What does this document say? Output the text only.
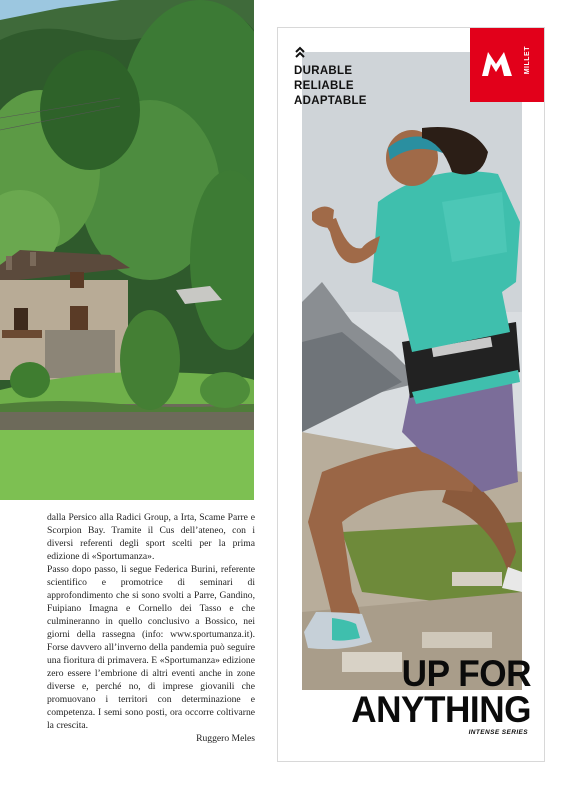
dalla Persico alla Radici Group, a Irta, Scame Parre e Scorpion Bay. Tramite il Cus dell’ateneo, con i diversi referenti degli sport scelti per la prima edizione di «Sportumanza».

Passo dopo passo, li segue Federica Burini, referente scientifico e promotrice di seminari di approfondimento che si sono svolti a Parre, Gandino, Fuipiano Imagna e Cornello dei Tasso e che culmineranno in quello conclusivo a Bossico, nei giorni della rassegna (info: www.sportumanza.it). Forse davvero all’inverno della pandemia può seguire una fioritura di primavera. E «Sportumanza» edizione zero essere l’embrione di altri eventi anche in zone diverse e, perché no, di imprese giovanili che promuovano i territori con determinazione e competenza. I semi sono posti, ora occorre coltivarne la crescita.

Ruggero Meles
MILLET
DURABLE
RELIABLE
ADAPTABLE
UP FOR
ANYTHING
INTENSE SERIES
